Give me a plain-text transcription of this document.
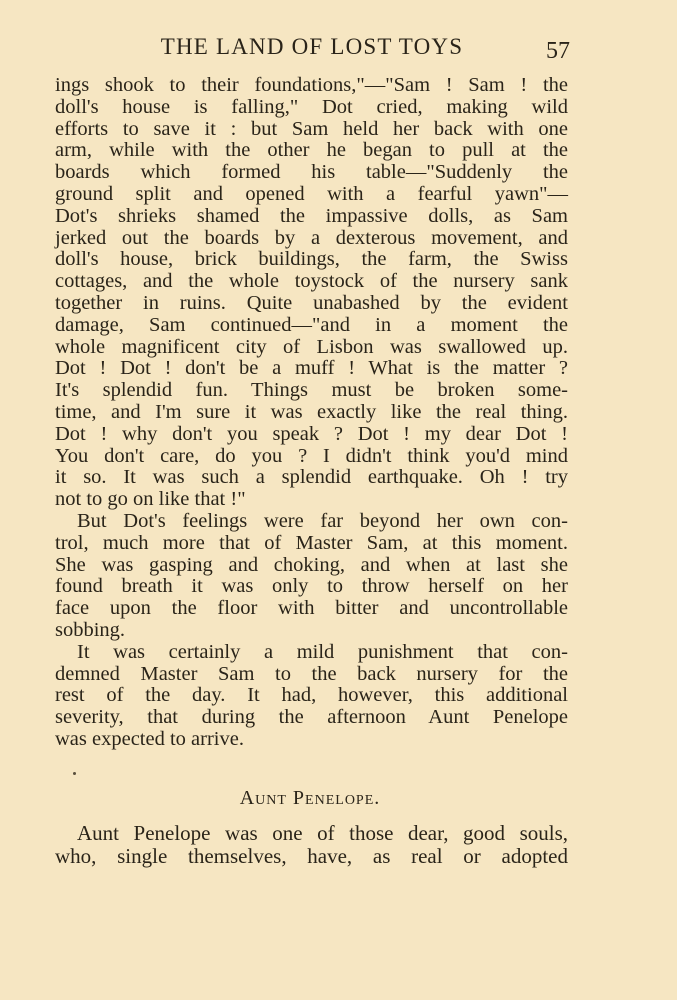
THE LAND OF LOST TOYS	57
ings shook to their foundations,"—"Sam ! Sam ! the
doll's house is falling," Dot cried, making wild
efforts to save it : but Sam held her back with one
arm, while with the other he began to pull at the
boards which formed his table—"Suddenly the
ground split and opened with a fearful yawn"—
Dot's shrieks shamed the impassive dolls, as Sam
jerked out the boards by a dexterous movement, and
doll's house, brick buildings, the farm, the Swiss
cottages, and the whole toystock of the nursery sank
together in ruins. Quite unabashed by the evident
damage, Sam continued—"and in a moment the
whole magnificent city of Lisbon was swallowed up.
Dot ! Dot ! don't be a muff ! What is the matter ?
It's splendid fun. Things must be broken some-
time, and I'm sure it was exactly like the real thing.
Dot ! why don't you speak ? Dot ! my dear Dot !
You don't care, do you ? I didn't think you'd mind
it so. It was such a splendid earthquake. Oh ! try
not to go on like that !"
But Dot's feelings were far beyond her own con-
trol, much more that of Master Sam, at this moment.
She was gasping and choking, and when at last she
found breath it was only to throw herself on her
face upon the floor with bitter and uncontrollable
sobbing.
It was certainly a mild punishment that con-
demned Master Sam to the back nursery for the
rest of the day. It had, however, this additional
severity, that during the afternoon Aunt Penelope
was expected to arrive.
Aunt Penelope.
Aunt Penelope was one of those dear, good souls,
who, single themselves, have, as real or adopted
